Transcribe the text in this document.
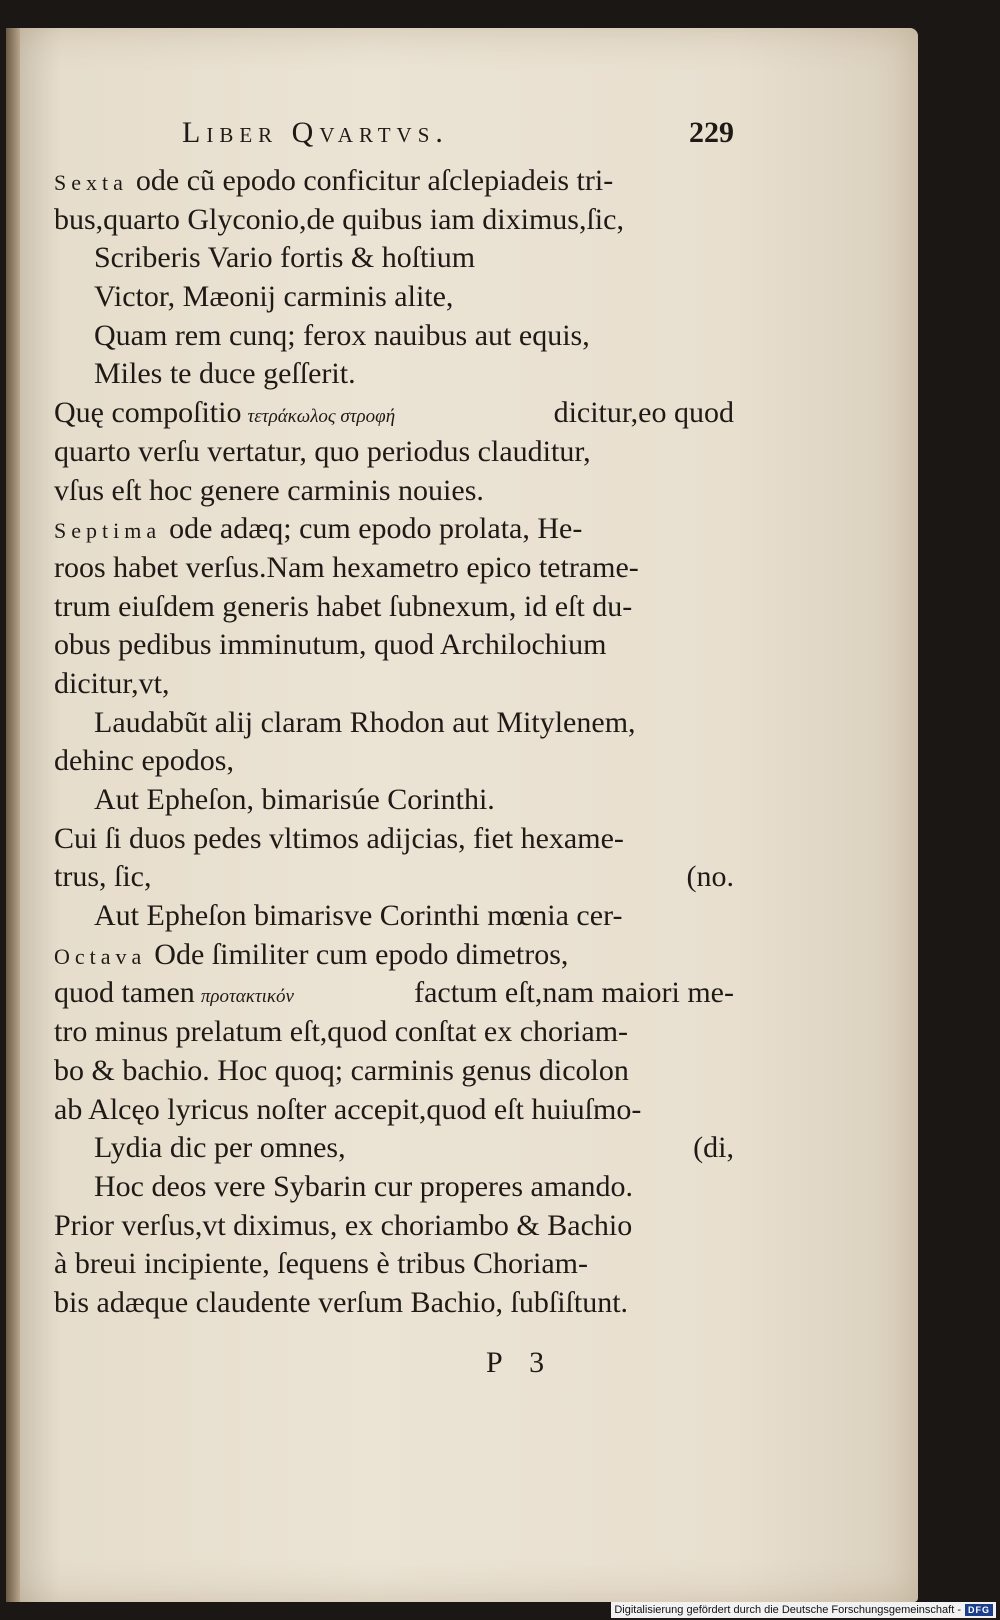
Liber Qvartvs.	229
Sexta ode cũ epodo conficitur aſclepiadeis tri-
bus,quarto Glyconio,de quibus iam diximus,ſic,
Scriberis Vario fortis & hoſtium
Victor, Mæonij carminis alite,
Quam rem cunq; ferox nauibus aut equis,
Miles te duce geſſerit.
Quę compoſitio τετράκωλος στροφή	dicitur,eo quod
quarto verſu vertatur, quo periodus clauditur,
vſus eſt hoc genere carminis nouies.
Septima ode adæq; cum epodo prolata, He-
roos habet verſus.Nam hexametro epico tetrame-
trum eiuſdem generis habet ſubnexum, id eſt du-
obus pedibus imminutum, quod Archilochium
dicitur,vt,
Laudabũt alij claram Rhodon aut Mitylenem,
dehinc epodos,
Aut Epheſon, bimarisúe Corinthi.
Cui ſi duos pedes vltimos adijcias, fiet hexame-
trus, ſic,	(no.
Aut Epheſon bimarisve Corinthi mœnia cer-
Octava Ode ſimiliter cum epodo dimetros,
quod tamen προτακτικόν	factum eſt,nam maiori me-
tro minus prelatum eſt,quod conſtat ex choriam-
bo & bachio. Hoc quoq; carminis genus dicolon
ab Alcęo lyricus noſter accepit,quod eſt huiuſmo-
Lydia dic per omnes,	(di,
Hoc deos vere Sybarin cur properes amando.
Prior verſus,vt diximus, ex choriambo & Bachio
à breui incipiente, ſequens è tribus Choriam-
bis adæque claudente verſum Bachio, ſubſiſtunt.
P 3
Digitalisierung gefördert durch die Deutsche Forschungsgemeinschaft - DFG
